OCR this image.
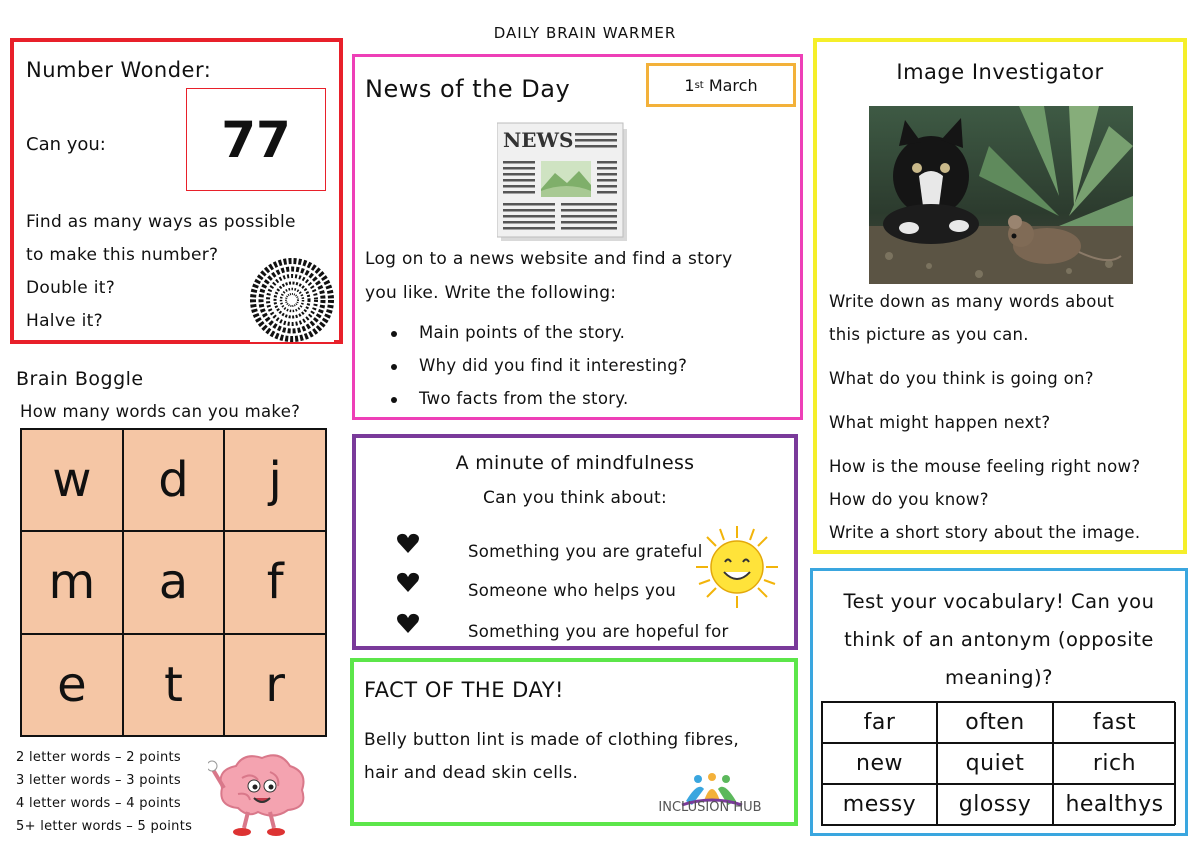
DAILY BRAIN WARMER
Number Wonder:
Can you:	77
Find as many ways as possible
to make this number?
Double it?
Halve it?
News of the Day	1 st
March
NEWS
Log on to a news website and find a story
you like. Write the following:
Main points of the story.
Why did you find it interesting?
Two facts from the story.
Image Investigator
Write down as many words about
this picture as you can.
What do you think is going on?
What might happen next?
How is the mouse feeling right now?
How do you know?
Write a short story about the image.
Brain Boggle
How many words can you make?
w	d	j
m	a	f
e	t	r
2 letter words – 2 points
3 letter words – 3 points
4 letter words – 4 points
5+ letter words – 5 points
A minute of mindfulness
Can you think about:
Something you are grateful
Someone who helps you
Something you are hopeful for
FACT OF THE DAY!
Belly button lint is made of clothing fibres,
hair and dead skin cells.
INCLUSION HUB
Test your vocabulary! Can you
think of an antonym (opposite
meaning)?
far	often	fast
new	quiet	rich
messy	glossy	healthys
